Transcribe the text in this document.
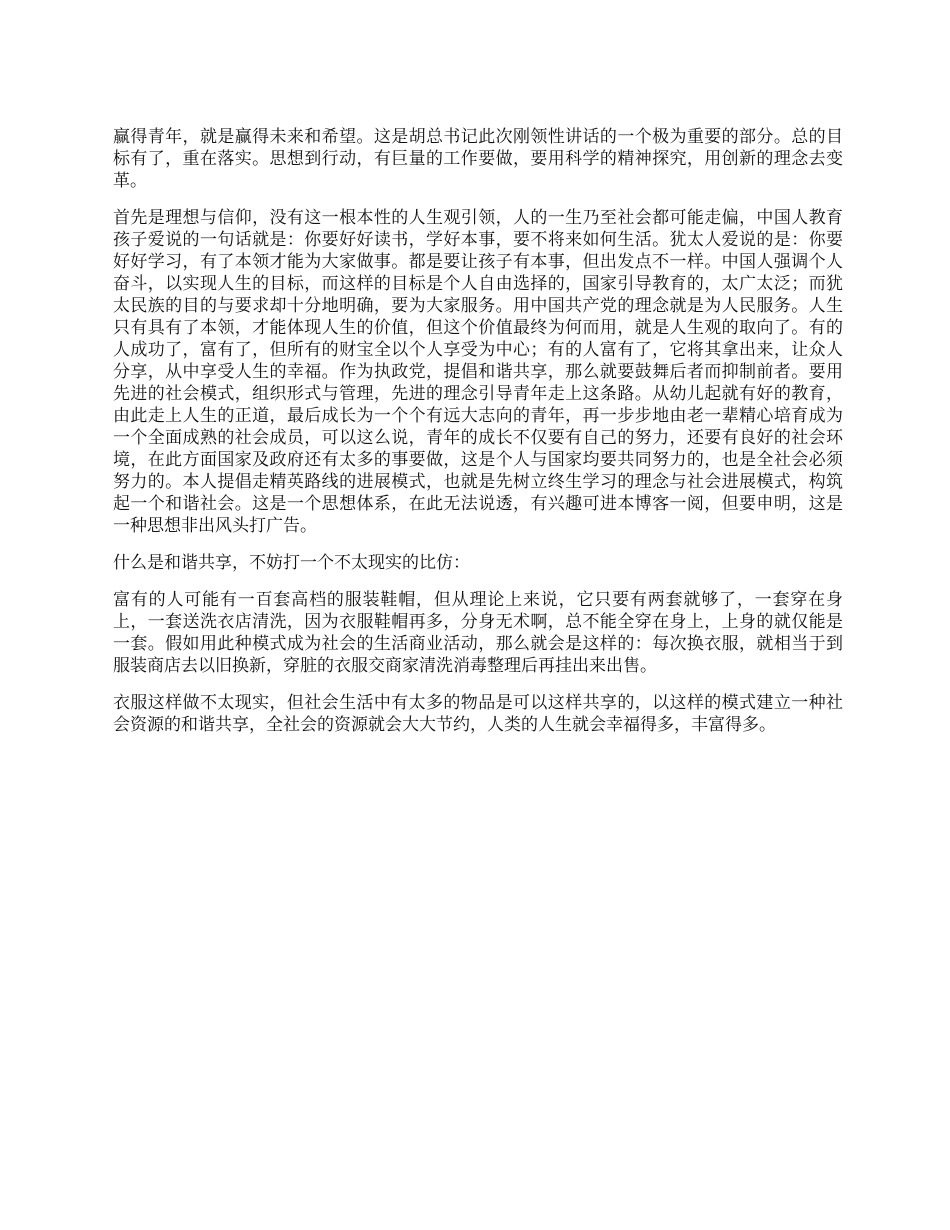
赢得青年，就是赢得未来和希望。这是胡总书记此次刚领性讲话的一个极为重要的部分。总的目标有了，重在落实。思想到行动，有巨量的工作要做，要用科学的精神探究，用创新的理念去变革。

首先是理想与信仰，没有这一根本性的人生观引领，人的一生乃至社会都可能走偏，中国人教育孩子爱说的一句话就是：你要好好读书，学好本事，要不将来如何生活。犹太人爱说的是：你要好好学习，有了本领才能为大家做事。都是要让孩子有本事，但出发点不一样。中国人强调个人奋斗，以实现人生的目标，而这样的目标是个人自由选择的，国家引导教育的，太广太泛；而犹太民族的目的与要求却十分地明确，要为大家服务。用中国共产党的理念就是为人民服务。人生只有具有了本领，才能体现人生的价值，但这个价值最终为何而用，就是人生观的取向了。有的人成功了，富有了，但所有的财宝全以个人享受为中心；有的人富有了，它将其拿出来，让众人分享，从中享受人生的幸福。作为执政党，提倡和谐共享，那么就要鼓舞后者而抑制前者。要用先进的社会模式，组织形式与管理，先进的理念引导青年走上这条路。从幼儿起就有好的教育，由此走上人生的正道，最后成长为一个个有远大志向的青年，再一步步地由老一辈精心培育成为一个全面成熟的社会成员，可以这么说，青年的成长不仅要有自己的努力，还要有良好的社会环境，在此方面国家及政府还有太多的事要做，这是个人与国家均要共同努力的，也是全社会必须努力的。本人提倡走精英路线的进展模式，也就是先树立终生学习的理念与社会进展模式，构筑起一个和谐社会。这是一个思想体系，在此无法说透，有兴趣可进本博客一阅，但要申明，这是一种思想非出风头打广告。

什么是和谐共享，不妨打一个不太现实的比仿：

富有的人可能有一百套高档的服装鞋帽，但从理论上来说，它只要有两套就够了，一套穿在身上，一套送洗衣店清洗，因为衣服鞋帽再多，分身无术啊，总不能全穿在身上，上身的就仅能是一套。假如用此种模式成为社会的生活商业活动，那么就会是这样的：每次换衣服，就相当于到服装商店去以旧换新，穿脏的衣服交商家清洗消毒整理后再挂出来出售。

衣服这样做不太现实，但社会生活中有太多的物品是可以这样共享的，以这样的模式建立一种社会资源的和谐共享，全社会的资源就会大大节约，人类的人生就会幸福得多，丰富得多。
